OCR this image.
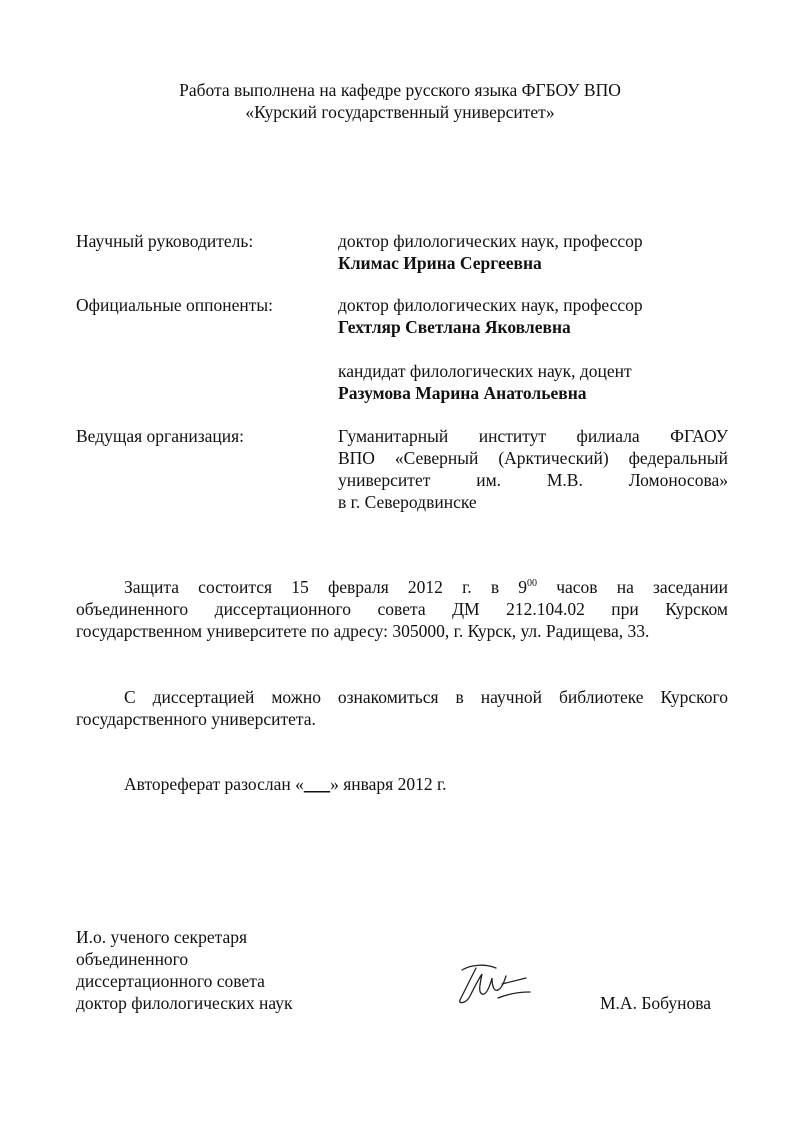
Работа выполнена на кафедре русского языка ФГБОУ ВПО
«Курский государственный университет»
Научный руководитель:	доктор филологических наук, профессор
Климас Ирина Сергеевна
Официальные оппоненты:	доктор филологических наук, профессор
Гехтляр Светлана Яковлевна
кандидат филологических наук, доцент
Разумова Марина Анатольевна
Ведущая организация:	Гуманитарный институт филиала ФГАОУ
ВПО «Северный (Арктический) федеральный
университет им. М.В. Ломоносова»
в г. Северодвинске
Защита состоится 15 февраля 2012 г. в $9^{00}$ часов на заседании
объединенного диссертационного совета ДМ 212.104.02 при Курском
государственном университете по адресу: 305000, г. Курск, ул. Радищева, 33.
С диссертацией можно ознакомиться в научной библиотеке Курского
государственного университета.
Автореферат разослан «___» января 2012 г.
И.о. ученого секретаря
объединенного
диссертационного совета
доктор филологических наук	М.А. Бобунова
